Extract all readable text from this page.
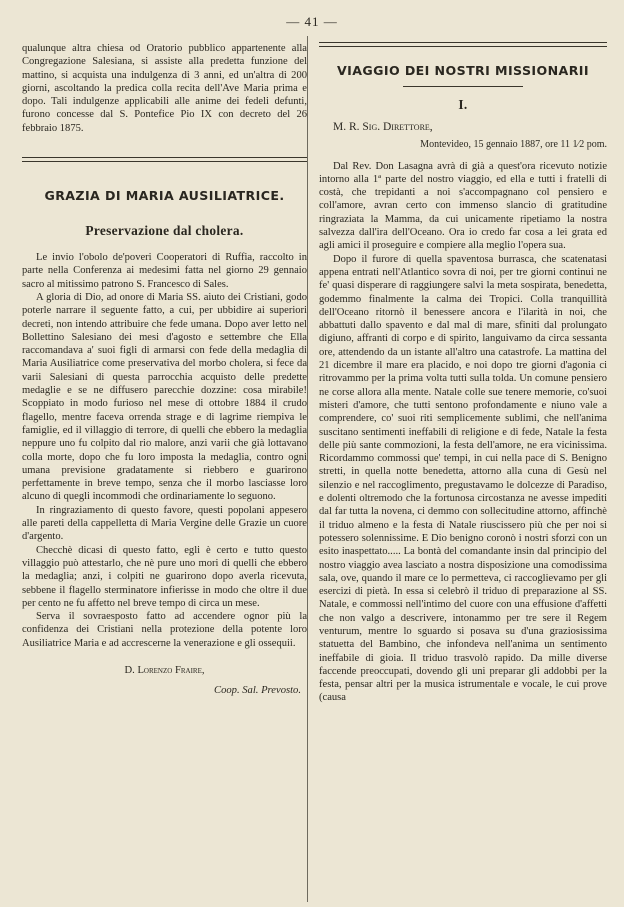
— 41 —

qualunque altra chiesa od Oratorio pubblico appartenente alla Congregazione Salesiana, si assiste alla predetta funzione del mattino, si acquista una indulgenza di 3 anni, ed un'altra di 200 giorni, ascoltando la predica colla recita dell'Ave Maria prima e dopo. Tali indulgenze applicabili alle anime dei fedeli defunti, furono concesse dal S. Pontefice Pio IX con decreto del 26 febbraio 1875.

GRAZIA DI MARIA AUSILIATRICE.
Preservazione dal cholera.

Le invio l'obolo de'poveri Cooperatori di Ruffia, raccolto in parte nella Conferenza ai medesimi fatta nel giorno 29 gennaio sacro al mitissimo patrono S. Francesco di Sales.

A gloria di Dio, ad onore di Maria SS. aiuto dei Cristiani, godo poterle narrare il seguente fatto, a cui, per ubbidire ai superiori decreti, non intendo attribuire che fede umana. Dopo aver letto nel Bollettino Salesiano dei mesi d'agosto e settembre che Ella raccomandava a' suoi figli di armarsi con fede della medaglia di Maria Ausiliatrice come preservativa del morbo cholera, si fece da varii Salesiani di questa parrocchia acquisto delle predette medaglie e se ne diffusero parecchie dozzine: cosa mirabile! Scoppiato in modo furioso nel mese di ottobre 1884 il crudo flagello, mentre faceva orrenda strage e di lagrime riempiva le famiglie, ed il villaggio di terrore, di quelli che ebbero la medaglia neppure uno fu colpito dal rio malore, anzi varii che già lottavano colla morte, dopo che fu loro imposta la medaglia, contro ogni umana previsione gradatamente si riebbero e guarirono perfettamente in breve tempo, senza che il morbo lasciasse loro alcuno di quegli incommodi che ordinariamente lo seguono.

In ringraziamento di questo favore, questi popolani appesero alle pareti della cappelletta di Maria Vergine delle Grazie un cuore d'argento.

Checchè dicasi di questo fatto, egli è certo e tutto questo villaggio può attestarlo, che nè pure uno mori di quelli che ebbero la medaglia; anzi, i colpiti ne guarirono dopo averla ricevuta, sebbene il flagello sterminatore infierisse in modo che oltre il due per cento ne fu affetto nel breve tempo di circa un mese.

Serva il sovraesposto fatto ad accendere ognor più la confidenza dei Cristiani nella protezione della potente loro Ausiliatrice Maria e ad accrescerne la venerazione e gli ossequii.

D. Lorenzo Fraire,
Coop. Sal. Prevosto.
VIAGGIO DEI NOSTRI MISSIONARII
I.

M. R. Sig. Direttore,

Montevideo, 15 gennaio 1887, ore 11 1⁄2 pom.

Dal Rev. Don Lasagna avrà di già a quest'ora ricevuto notizie intorno alla 1ª parte del nostro viaggio, ed ella e tutti i fratelli di costà, che trepidanti a noi s'accompagnano col pensiero e coll'amore, avran certo con immenso slancio di gratitudine ringraziata la Mamma, da cui unicamente ripetiamo la nostra salvezza dall'ira dell'Oceano. Ora io credo far cosa a lei grata ed agli amici il proseguire e compiere alla meglio l'opera sua.

Dopo il furore di quella spaventosa burrasca, che scatenatasi appena entrati nell'Atlantico sovra di noi, per tre giorni continui ne fe' quasi disperare di raggiungere salvi la meta sospirata, benedetta, godemmo finalmente la calma dei Tropici. Colla tranquillità dell'Oceano ritornò il benessere ancora e l'ilarità in noi, che abbattuti dallo spavento e dal mal di mare, sfiniti dal prolungato digiuno, affranti di corpo e di spirito, languivamo da circa sessanta ore, attendendo da un istante all'altro una catastrofe. La mattina del 21 dicembre il mare era placido, e noi dopo tre giorni d'agonia ci ritrovammo per la prima volta tutti sulla tolda. Un comune pensiero ne corse allora alla mente. Natale colle sue tenere memorie, co'suoi misteri d'amore, che tutti sentono profondamente e niuno vale a comprendere, co' suoi riti semplicemente sublimi, che nell'anima suscitano sentimenti ineffabili di religione e di fede, Natale la festa delle più sante commozioni, la festa dell'amore, ne era vicinissima. Ricordammo commossi que' tempi, in cui nella pace di S. Benigno stretti, in quella notte benedetta, attorno alla cuna di Gesù nel silenzio e nel raccoglimento, pregustavamo le dolcezze di Paradiso, e dolenti oltremodo che la fortunosa circostanza ne avesse impediti dal far tutta la novena, ci demmo con sollecitudine attorno, affinchè il triduo almeno e la festa di Natale riuscissero più che per noi si potessero solennissime. E Dio benigno coronò i nostri sforzi con un esito inaspettato..... La bontà del comandante insin dal principio del nostro viaggio avea lasciato a nostra disposizione una comodissima sala, ove, quando il mare ce lo permetteva, ci raccoglievamo per gli esercizi di pietà. In essa si celebrò il triduo di preparazione al SS. Natale, e commossi nell'intimo del cuore con una effusione d'affetti che non valgo a descrivere, intonammo per tre sere il Regem venturum, mentre lo sguardo si posava su d'una graziosissima statuetta del Bambino, che infondeva nell'anima un sentimento ineffabile di gioia. Il triduo trasvolò rapido. Da mille diverse faccende preoccupati, dovendo gli uni preparar gli addobbi per la festa, pensar altri per la musica istrumentale e vocale, le cui prove (causa
